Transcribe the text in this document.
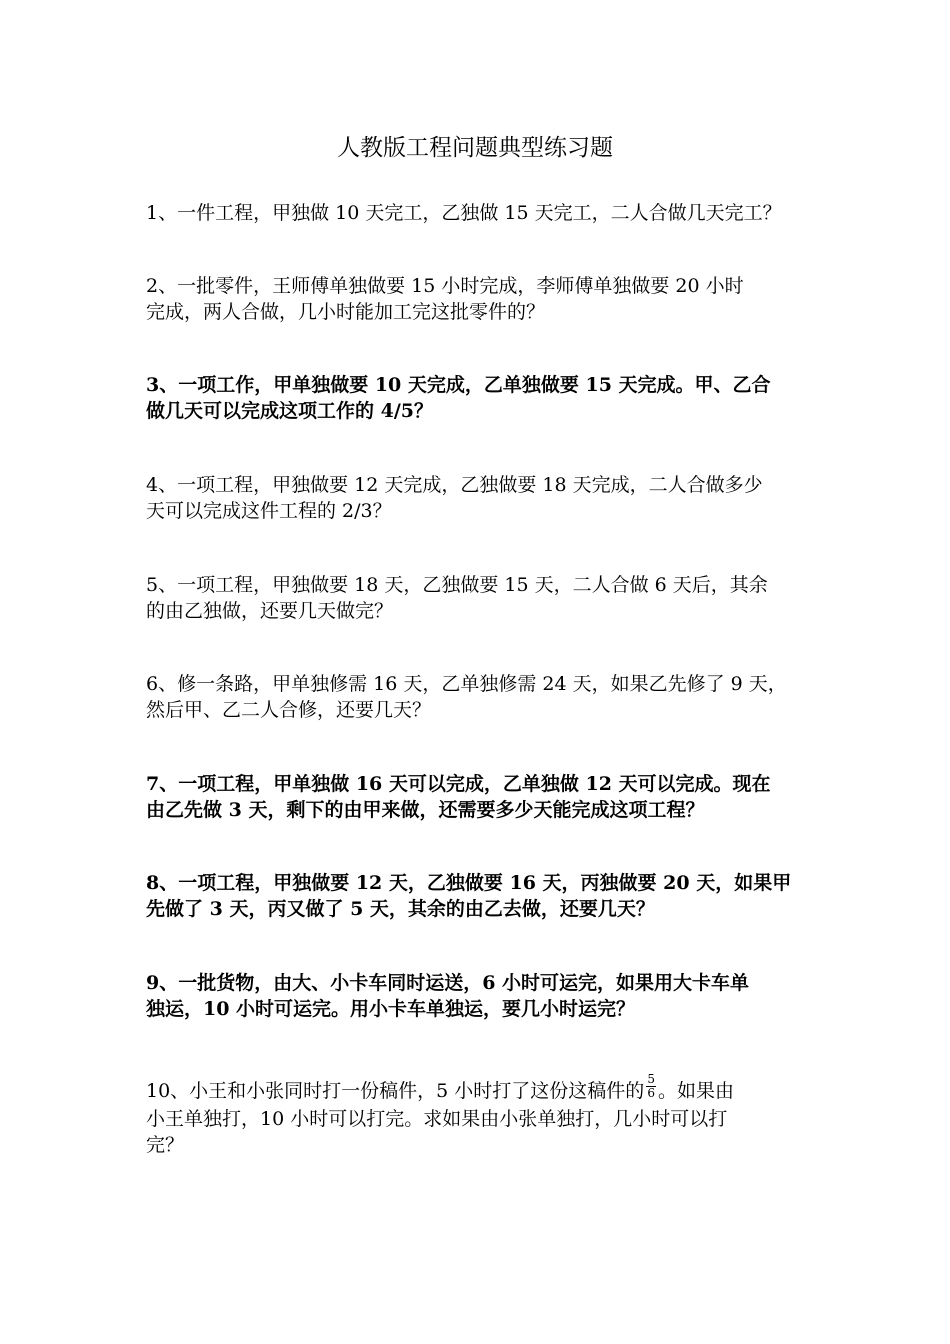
人教版工程问题典型练习题
1、一件工程，甲独做 10 天完工，乙独做 15 天完工，二人合做几天完工？
2、一批零件，王师傅单独做要 15 小时完成，李师傅单独做要 20 小时
完成，两人合做，几小时能加工完这批零件的？
3、一项工作，甲单独做要 10 天完成，乙单独做要 15 天完成。甲、乙合
做几天可以完成这项工作的 4/5？
4、一项工程，甲独做要 12 天完成，乙独做要 18 天完成，二人合做多少
天可以完成这件工程的 2/3？
5、一项工程，甲独做要 18 天，乙独做要 15 天，二人合做 6 天后，其余
的由乙独做，还要几天做完？
6、修一条路，甲单独修需 16 天，乙单独修需 24 天，如果乙先修了 9 天，
然后甲、乙二人合修，还要几天？
7、一项工程，甲单独做 16 天可以完成，乙单独做 12 天可以完成。现在
由乙先做 3 天，剩下的由甲来做，还需要多少天能完成这项工程？
8、一项工程，甲独做要 12 天，乙独做要 16 天，丙独做要 20 天，如果甲
先做了 3 天，丙又做了 5 天，其余的由乙去做，还要几天？
9、一批货物，由大、小卡车同时运送，6 小时可运完，如果用大卡车单
独运，10 小时可运完。用小卡车单独运，要几小时运完？
10、小王和小张同时打一份稿件，5 小时打了这份这稿件的 $\frac{5}{6}$ 。如果由
小王单独打，10 小时可以打完。求如果由小张单独打，几小时可以打
完？
